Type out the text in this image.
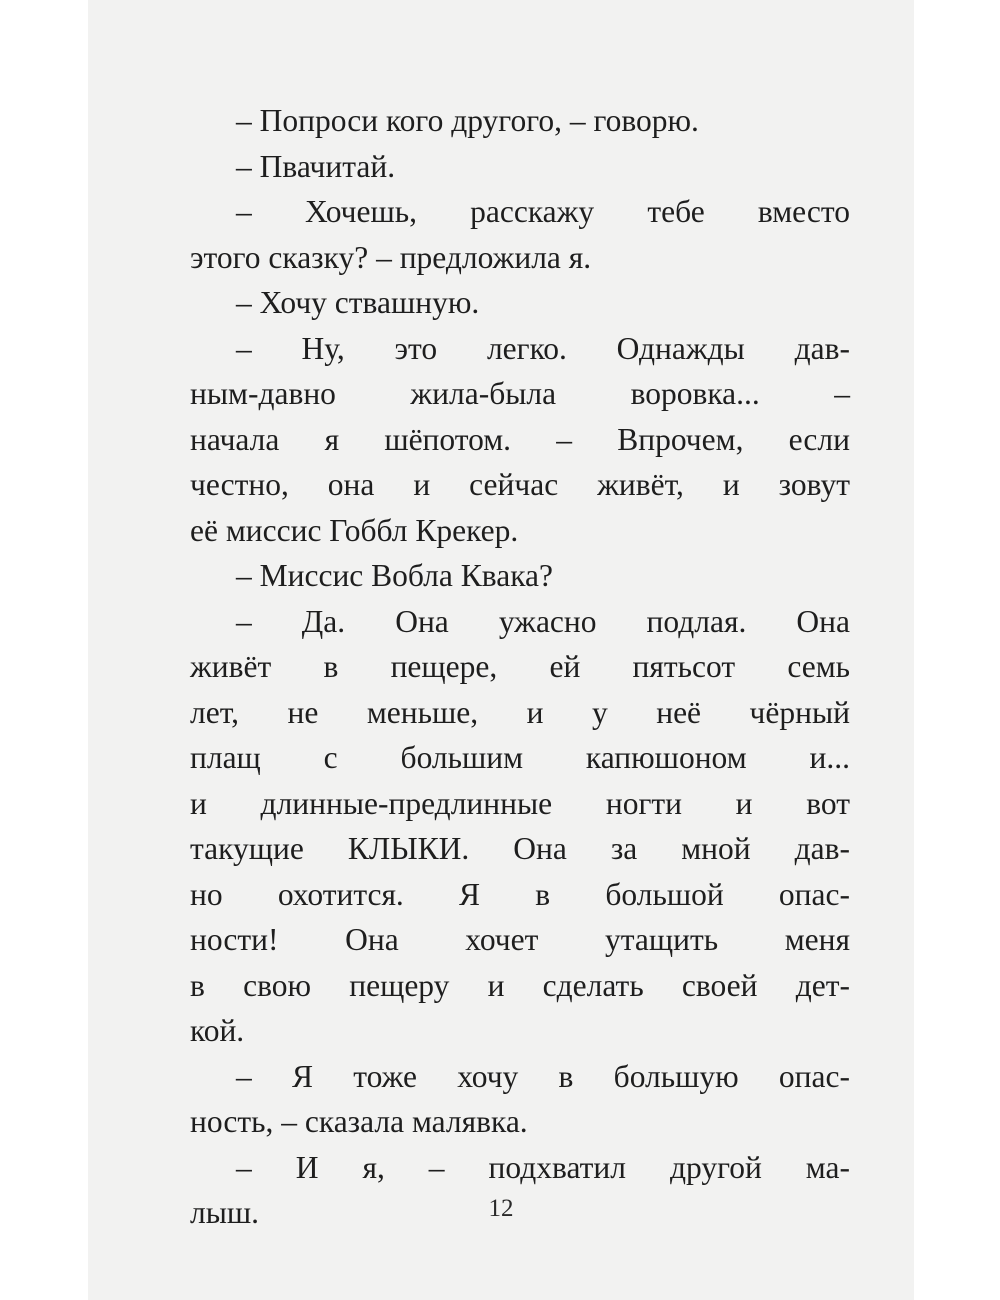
– Попроси кого другого, – говорю.
– Пвачитай.
– Хочешь, расскажу тебе вместо
этого сказку? – предложила я.
– Хочу ствашную.
– Ну, это легко. Однажды дав-
ным-давно жила-была воровка... –
начала я шёпотом. – Впрочем, если
честно, она и сейчас живёт, и зовут
её миссис Гоббл Крекер.
– Миссис Вобла Квака?
– Да. Она ужасно подлая. Она
живёт в пещере, ей пятьсот семь
лет, не меньше, и у неё чёрный
плащ с большим капюшоном и...
и длинные-предлинные ногти и вот
такущие КЛЫКИ. Она за мной дав-
но охотится. Я в большой опас-
ности! Она хочет утащить меня
в свою пещеру и сделать своей дет-
кой.
– Я тоже хочу в большую опас-
ность, – сказала малявка.
– И я, – подхватил другой ма-
лыш.	12
